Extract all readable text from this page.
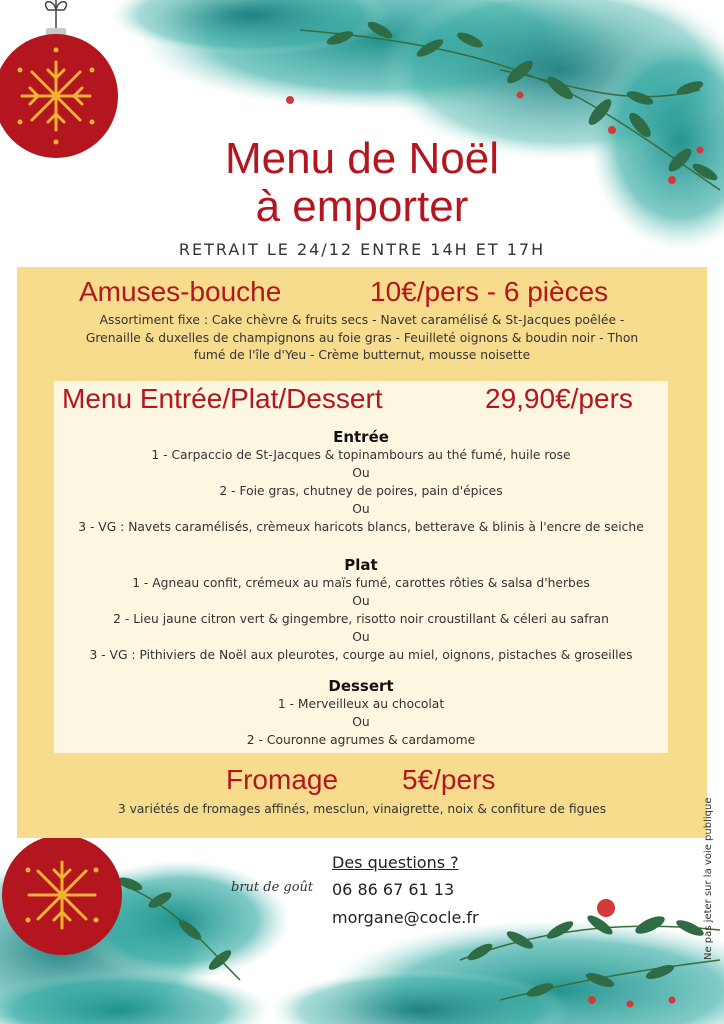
Menu de Noël
à emporter
RETRAIT LE 24/12 ENTRE 14H ET 17H
Amuses-bouche	10€/pers - 6 pièces
Assortiment fixe : Cake chèvre & fruits secs - Navet caramélisé & St-Jacques poêlée -
Grenaille & duxelles de champignons au foie gras - Feuilleté oignons & boudin noir - Thon
fumé de l'île d'Yeu - Crème butternut, mousse noisette
Menu Entrée/Plat/Dessert	29,90€/pers
Entrée
1 - Carpaccio de St-Jacques & topinambours au thé fumé, huile rose
Ou
2 - Foie gras, chutney de poires, pain d'épices
Ou
3 - VG : Navets caramélisés, crèmeux haricots blancs, betterave & blinis à l'encre de seiche
Plat
1 - Agneau confit, crémeux au maïs fumé, carottes rôties & salsa d'herbes
Ou
2 - Lieu jaune citron vert & gingembre, risotto noir croustillant & céleri au safran
Ou
3 - VG : Pithiviers de Noël aux pleurotes, courge au miel, oignons, pistaches & groseilles
Dessert
1 - Merveilleux au chocolat
Ou
2 - Couronne agrumes & cardamome
Fromage 5€/pers
3 variétés de fromages affinés, mesclun, vinaigrette, noix & confiture de figues
brut de goût
Des questions ?
06 86 67 61 13
morgane@cocle.fr	Ne pas jeter sur la voie publique
